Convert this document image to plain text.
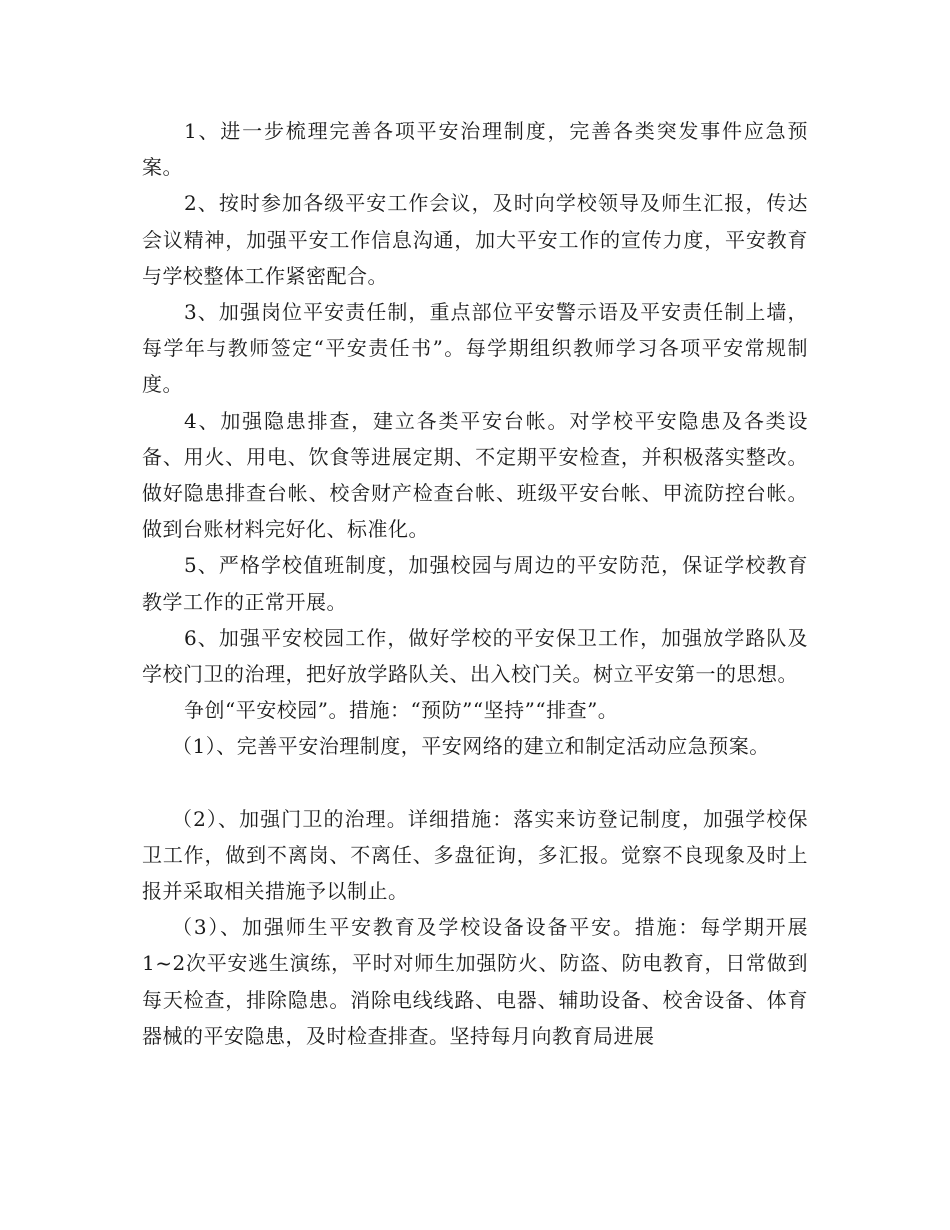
1、进一步梳理完善各项平安治理制度，完善各类突发事件应急预案。

2、按时参加各级平安工作会议，及时向学校领导及师生汇报，传达会议精神，加强平安工作信息沟通，加大平安工作的宣传力度，平安教育与学校整体工作紧密配合。

3、加强岗位平安责任制，重点部位平安警示语及平安责任制上墙，每学年与教师签定“平安责任书”。每学期组织教师学习各项平安常规制度。

4、加强隐患排查，建立各类平安台帐。对学校平安隐患及各类设备、用火、用电、饮食等进展定期、不定期平安检查，并积极落实整改。做好隐患排查台帐、校舍财产检查台帐、班级平安台帐、甲流防控台帐。做到台账材料完好化、标准化。

5、严格学校值班制度，加强校园与周边的平安防范，保证学校教育教学工作的正常开展。

6、加强平安校园工作，做好学校的平安保卫工作，加强放学路队及学校门卫的治理，把好放学路队关、出入校门关。树立平安第一的思想。

争创“平安校园”。措施：“预防”“坚持”“排查”。

（1）、完善平安治理制度，平安网络的建立和制定活动应急预案。

（2）、加强门卫的治理。详细措施：落实来访登记制度，加强学校保卫工作，做到不离岗、不离任、多盘征询，多汇报。觉察不良现象及时上报并采取相关措施予以制止。

（3）、加强师生平安教育及学校设备设备平安。措施：每学期开展1~2次平安逃生演练，平时对师生加强防火、防盗、防电教育，日常做到每天检查，排除隐患。消除电线线路、电器、辅助设备、校舍设备、体育器械的平安隐患，及时检查排查。坚持每月向教育局进展
